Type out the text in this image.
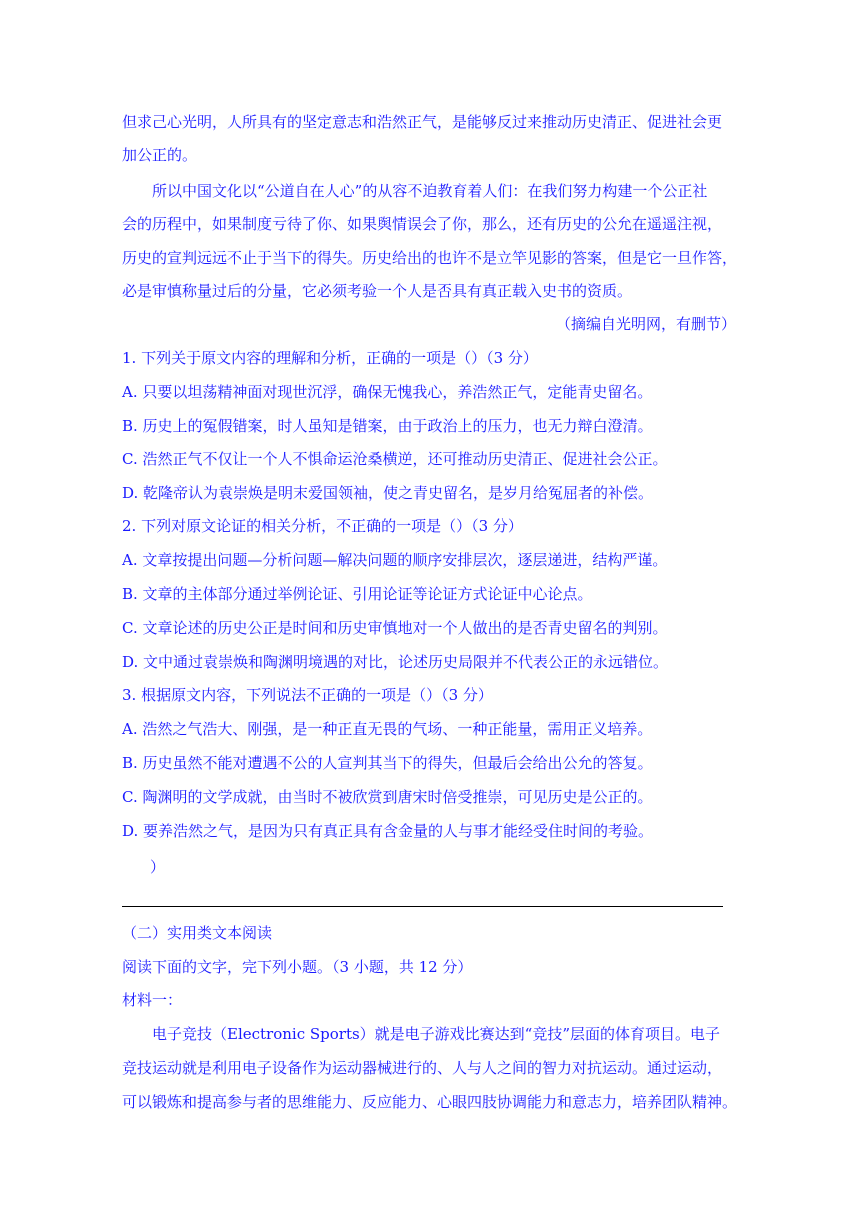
但求己心光明，人所具有的坚定意志和浩然正气，是能够反过来推动历史清正、促进社会更
加公正的。
所以中国文化以“公道自在人心”的从容不迫教育着人们：在我们努力构建一个公正社
会的历程中，如果制度亏待了你、如果舆情误会了你，那么，还有历史的公允在遥遥注视，
历史的宣判远远不止于当下的得失。历史给出的也许不是立竿见影的答案，但是它一旦作答，
必是审慎称量过后的分量，它必须考验一个人是否具有真正载入史书的资质。
（摘编自光明网，有删节）
1. 下列关于原文内容的理解和分析，正确的一项是（）（3 分）
A. 只要以坦荡精神面对现世沉浮，确保无愧我心，养浩然正气，定能青史留名。
B. 历史上的冤假错案，时人虽知是错案，由于政治上的压力，也无力辩白澄清。
C. 浩然正气不仅让一个人不惧命运沧桑横逆，还可推动历史清正、促进社会公正。
D. 乾隆帝认为袁崇焕是明末爱国领袖，使之青史留名，是岁月给冤屈者的补偿。
2. 下列对原文论证的相关分析，不正确的一项是（）（3 分）
A. 文章按提出问题—分析问题—解决问题的顺序安排层次，逐层递进，结构严谨。
B. 文章的主体部分通过举例论证、引用论证等论证方式论证中心论点。
C. 文章论述的历史公正是时间和历史审慎地对一个人做出的是否青史留名的判别。
D. 文中通过袁崇焕和陶渊明境遇的对比，论述历史局限并不代表公正的永远错位。
3. 根据原文内容，下列说法不正确的一项是（）（3 分）
A. 浩然之气浩大、刚强，是一种正直无畏的气场、一种正能量，需用正义培养。
B. 历史虽然不能对遭遇不公的人宣判其当下的得失，但最后会给出公允的答复。
C. 陶渊明的文学成就，由当时不被欣赏到唐宋时倍受推崇，可见历史是公正的。
D. 要养浩然之气，是因为只有真正具有含金量的人与事才能经受住时间的考验。
）
（二）实用类文本阅读
阅读下面的文字，完下列小题。（3 小题，共 12 分）
材料一：
电子竞技（Electronic Sports）就是电子游戏比赛达到“竞技”层面的体育项目。电子
竞技运动就是利用电子设备作为运动器械进行的、人与人之间的智力对抗运动。通过运动，
可以锻炼和提高参与者的思维能力、反应能力、心眼四肢协调能力和意志力，培养团队精神。
